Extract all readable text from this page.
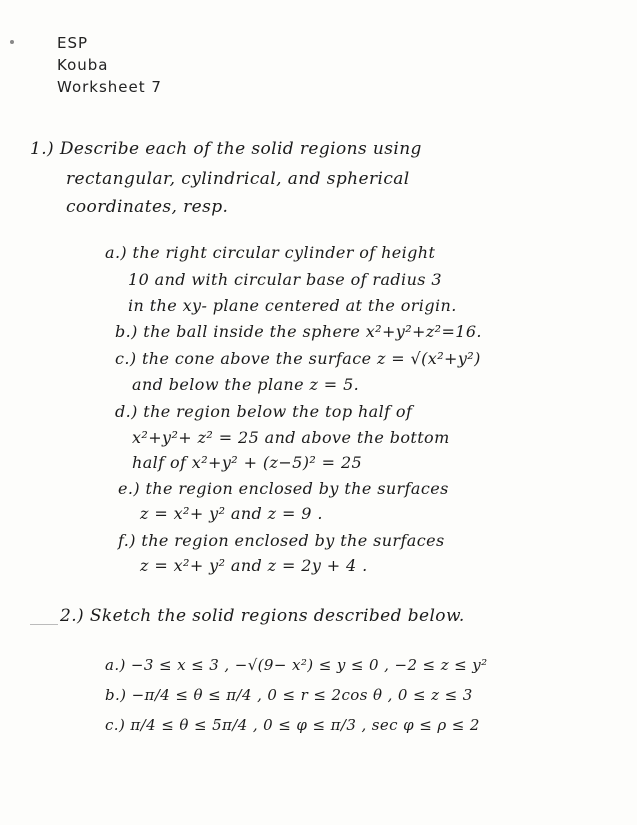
ESP
Kouba
Worksheet 7
1.) Describe each of the solid regions using
rectangular, cylindrical, and spherical
coordinates, resp.
a.) the right circular cylinder of height
10 and with circular base of radius 3
in the xy- plane centered at the origin.
b.) the ball inside the sphere x²+y²+z²=16.
c.) the cone above the surface z = √(x²+y²)
and below the plane z = 5.
d.) the region below the top half of
x²+y²+ z² = 25 and above the bottom
half of x²+y² + (z−5)² = 25
e.) the region enclosed by the surfaces
z = x²+ y² and z = 9 .
f.) the region enclosed by the surfaces
z = x²+ y² and z = 2y + 4 .
2.) Sketch the solid regions described below.
a.) −3 ≤ x ≤ 3 , −√(9− x²) ≤ y ≤ 0 , −2 ≤ z ≤ y²
b.) −π/4 ≤ θ ≤ π/4 , 0 ≤ r ≤ 2cos θ , 0 ≤ z ≤ 3
c.) π/4 ≤ θ ≤ 5π/4 , 0 ≤ φ ≤ π/3 , sec φ ≤ ρ ≤ 2
